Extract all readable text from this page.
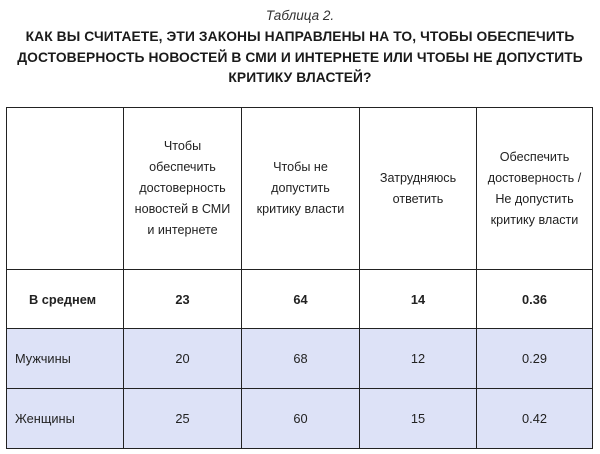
Таблица 2.
КАК ВЫ СЧИТАЕТЕ, ЭТИ ЗАКОНЫ НАПРАВЛЕНЫ НА ТО, ЧТОБЫ ОБЕСПЕЧИТЬ ДОСТОВЕРНОСТЬ НОВОСТЕЙ В СМИ И ИНТЕРНЕТЕ ИЛИ ЧТОБЫ НЕ ДОПУСТИТЬ КРИТИКУ ВЛАСТЕЙ?
	Чтобы обеспечить достоверность новостей в СМИ и интернете	Чтобы не допустить критику власти	Затрудняюсь ответить	Обеспечить достоверность / Не допустить критику власти
В среднем	23	64	14	0.36
Мужчины	20	68	12	0.29
Женщины	25	60	15	0.42
